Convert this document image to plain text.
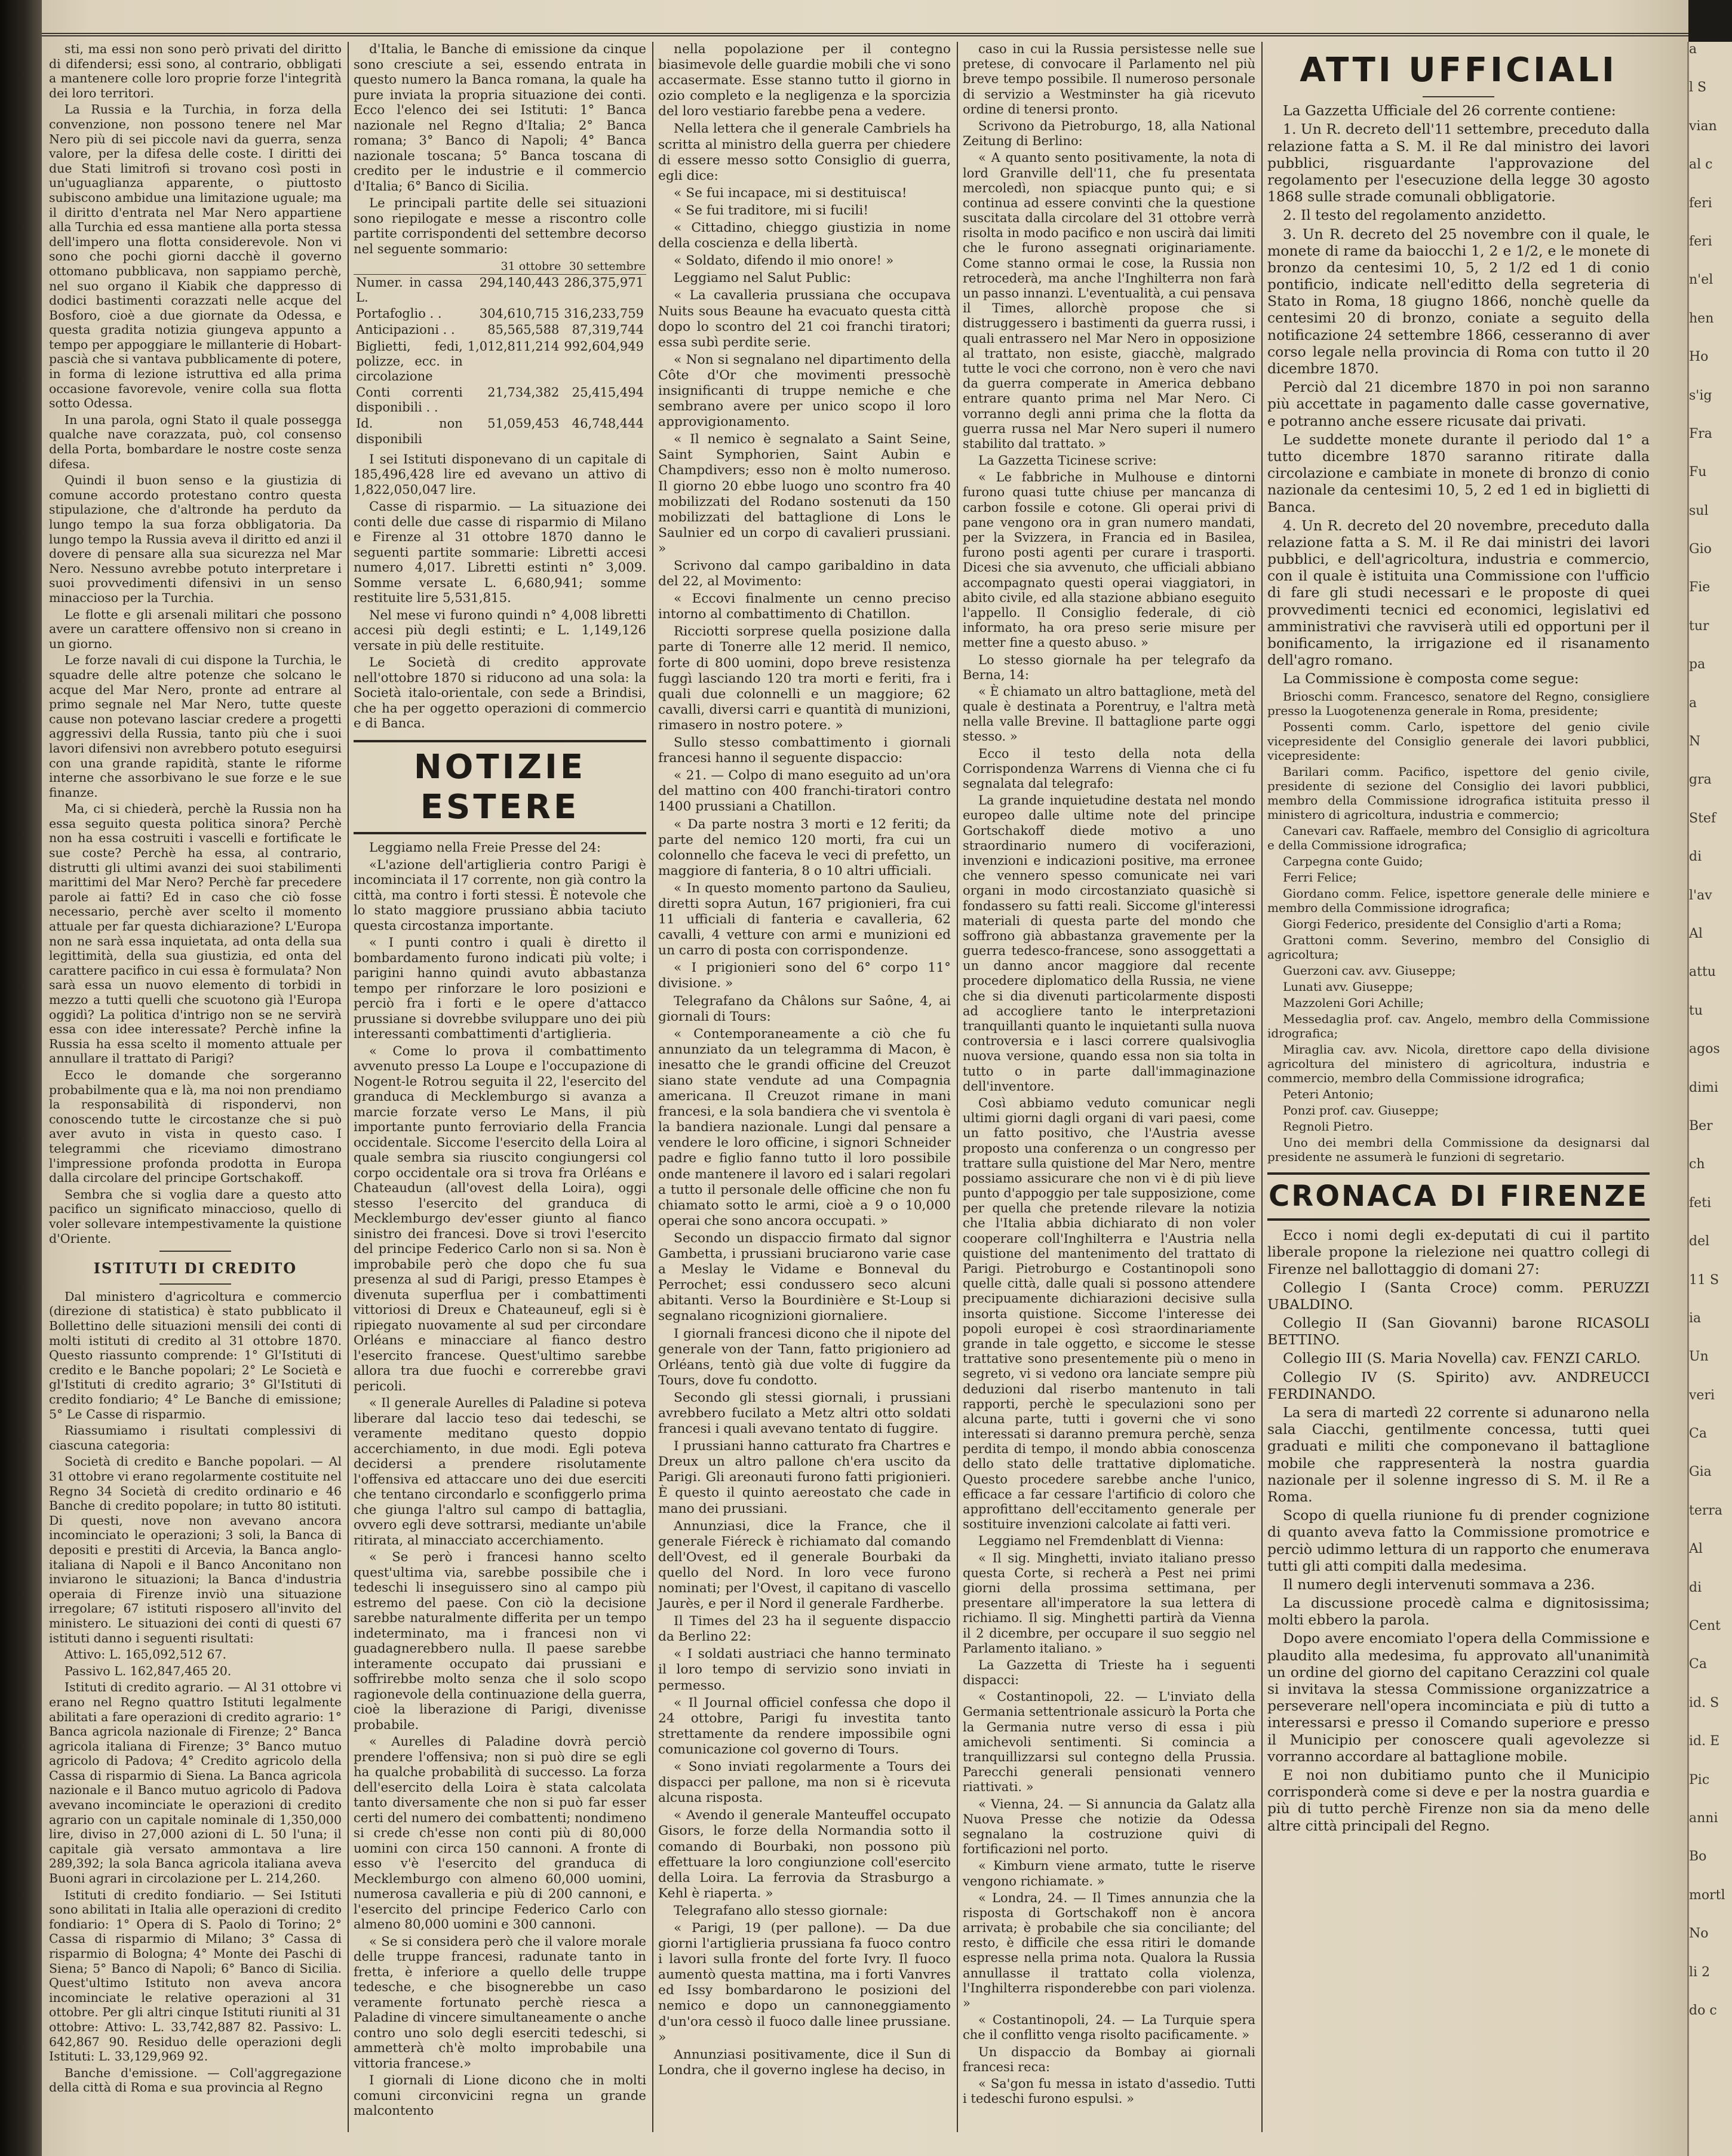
sti, ma essi non sono però privati del diritto di difendersi; essi sono, al contrario, obbligati a mantenere colle loro proprie forze l'integrità dei loro territori.

La Russia e la Turchia, in forza della convenzione, non possono tenere nel Mar Nero più di sei piccole navi da guerra, senza valore, per la difesa delle coste. I diritti dei due Stati limitrofi si trovano così posti in un'uguaglianza apparente, o piuttosto subiscono ambidue una limitazione uguale; ma il diritto d'entrata nel Mar Nero appartiene alla Turchia ed essa mantiene alla porta stessa dell'impero una flotta considerevole. Non vi sono che pochi giorni dacchè il governo ottomano pubblicava, non sappiamo perchè, nel suo organo il Kiabik che dappresso di dodici bastimenti corazzati nelle acque del Bosforo, cioè a due giornate da Odessa, e questa gradita notizia giungeva appunto a tempo per appoggiare le millanterie di Hobart-pascià che si vantava pubblicamente di potere, in forma di lezione istruttiva ed alla prima occasione favorevole, venire colla sua flotta sotto Odessa.

In una parola, ogni Stato il quale possegga qualche nave corazzata, può, col consenso della Porta, bombardare le nostre coste senza difesa.

Quindi il buon senso e la giustizia di comune accordo protestano contro questa stipulazione, che d'altronde ha perduto da lungo tempo la sua forza obbligatoria. Da lungo tempo la Russia aveva il diritto ed anzi il dovere di pensare alla sua sicurezza nel Mar Nero. Nessuno avrebbe potuto interpretare i suoi provvedimenti difensivi in un senso minaccioso per la Turchia.

Le flotte e gli arsenali militari che possono avere un carattere offensivo non si creano in un giorno.

Le forze navali di cui dispone la Turchia, le squadre delle altre potenze che solcano le acque del Mar Nero, pronte ad entrare al primo segnale nel Mar Nero, tutte queste cause non potevano lasciar credere a progetti aggressivi della Russia, tanto più che i suoi lavori difensivi non avrebbero potuto eseguirsi con una grande rapidità, stante le riforme interne che assorbivano le sue forze e le sue finanze.

Ma, ci si chiederà, perchè la Russia non ha essa seguito questa politica sinora? Perchè non ha essa costruiti i vascelli e fortificate le sue coste? Perchè ha essa, al contrario, distrutti gli ultimi avanzi dei suoi stabilimenti marittimi del Mar Nero? Perchè far precedere parole ai fatti? Ed in caso che ciò fosse necessario, perchè aver scelto il momento attuale per far questa dichiarazione? L'Europa non ne sarà essa inquietata, ad onta della sua legittimità, della sua giustizia, ed onta del carattere pacifico in cui essa è formulata? Non sarà essa un nuovo elemento di torbidi in mezzo a tutti quelli che scuotono già l'Europa oggidì? La politica d'intrigo non se ne servirà essa con idee interessate? Perchè infine la Russia ha essa scelto il momento attuale per annullare il trattato di Parigi?

Ecco le domande che sorgeranno probabilmente qua e là, ma noi non prendiamo la responsabilità di rispondervi, non conoscendo tutte le circostanze che si può aver avuto in vista in questo caso. I telegrammi che riceviamo dimostrano l'impressione profonda prodotta in Europa dalla circolare del principe Gortschakoff.

Sembra che si voglia dare a questo atto pacifico un significato minaccioso, quello di voler sollevare intempestivamente la quistione d'Oriente.

ISTITUTI DI CREDITO

Dal ministero d'agricoltura e commercio (direzione di statistica) è stato pubblicato il Bollettino delle situazioni mensili dei conti di molti istituti di credito al 31 ottobre 1870. Questo riassunto comprende: 1° Gl'Istituti di credito e le Banche popolari; 2° Le Società e gl'Istituti di credito agrario; 3° Gl'Istituti di credito fondiario; 4° Le Banche di emissione; 5° Le Casse di risparmio.

Riassumiamo i risultati complessivi di ciascuna categoria:

Società di credito e Banche popolari. — Al 31 ottobre vi erano regolarmente costituite nel Regno 34 Società di credito ordinario e 46 Banche di credito popolare; in tutto 80 istituti. Di questi, nove non avevano ancora incominciato le operazioni; 3 soli, la Banca di depositi e prestiti di Arcevia, la Banca anglo-italiana di Napoli e il Banco Anconitano non inviarono le situazioni; la Banca d'industria operaia di Firenze inviò una situazione irregolare; 67 istituti risposero all'invito del ministero. Le situazioni dei conti di questi 67 istituti danno i seguenti risultati:

Attivo: L. 165,092,512 67.

Passivo L. 162,847,465 20.

Istituti di credito agrario. — Al 31 ottobre vi erano nel Regno quattro Istituti legalmente abilitati a fare operazioni di credito agrario: 1° Banca agricola nazionale di Firenze; 2° Banca agricola italiana di Firenze; 3° Banco mutuo agricolo di Padova; 4° Credito agricolo della Cassa di risparmio di Siena. La Banca agricola nazionale e il Banco mutuo agricolo di Padova avevano incominciate le operazioni di credito agrario con un capitale nominale di 1,350,000 lire, diviso in 27,000 azioni di L. 50 l'una; il capitale già versato ammontava a lire 289,392; la sola Banca agricola italiana aveva Buoni agrari in circolazione per L. 214,260.

Istituti di credito fondiario. — Sei Istituti sono abilitati in Italia alle operazioni di credito fondiario: 1° Opera di S. Paolo di Torino; 2° Cassa di risparmio di Milano; 3° Cassa di risparmio di Bologna; 4° Monte dei Paschi di Siena; 5° Banco di Napoli; 6° Banco di Sicilia. Quest'ultimo Istituto non aveva ancora incominciate le relative operazioni al 31 ottobre. Per gli altri cinque Istituti riuniti al 31 ottobre: Attivo: L. 33,742,887 82. Passivo: L. 642,867 90. Residuo delle operazioni degli Istituti: L. 33,129,969 92.

Banche d'emissione. — Coll'aggregazione della città di Roma e sua provincia al Regno

d'Italia, le Banche di emissione da cinque sono cresciute a sei, essendo entrata in questo numero la Banca romana, la quale ha pure inviata la propria situazione dei conti. Ecco l'elenco dei sei Istituti: 1° Banca nazionale nel Regno d'Italia; 2° Banca romana; 3° Banco di Napoli; 4° Banca nazionale toscana; 5° Banca toscana di credito per le industrie e il commercio d'Italia; 6° Banco di Sicilia.

Le principali partite delle sei situazioni sono riepilogate e messe a riscontro colle partite corrispondenti del settembre decorso nel seguente sommario:

	31 ottobre	30 settembre
Numer. in cassa L.	294,140,443	286,375,971
Portafoglio . .	304,610,715	316,233,759
Anticipazioni . .	85,565,588	87,319,744
Biglietti, fedi, polizze, ecc. in circolazione	1,012,811,214	992,604,949
Conti correnti disponibili . .	21,734,382	25,415,494
Id. non disponibili	51,059,453	46,748,444

I sei Istituti disponevano di un capitale di 185,496,428 lire ed avevano un attivo di 1,822,050,047 lire.

Casse di risparmio. — La situazione dei conti delle due casse di risparmio di Milano e Firenze al 31 ottobre 1870 danno le seguenti partite sommarie: Libretti accesi numero 4,017. Libretti estinti n° 3,009. Somme versate L. 6,680,941; somme restituite lire 5,531,815.

Nel mese vi furono quindi n° 4,008 libretti accesi più degli estinti; e L. 1,149,126 versate in più delle restituite.

Le Società di credito approvate nell'ottobre 1870 si riducono ad una sola: la Società italo-orientale, con sede a Brindisi, che ha per oggetto operazioni di commercio e di Banca.

NOTIZIE ESTERE

Leggiamo nella Freie Presse del 24:

«L'azione dell'artiglieria contro Parigi è incominciata il 17 corrente, non già contro la città, ma contro i forti stessi. È notevole che lo stato maggiore prussiano abbia taciuto questa circostanza importante.

« I punti contro i quali è diretto il bombardamento furono indicati più volte; i parigini hanno quindi avuto abbastanza tempo per rinforzare le loro posizioni e perciò fra i forti e le opere d'attacco prussiane si dovrebbe sviluppare uno dei più interessanti combattimenti d'artiglieria.

« Come lo prova il combattimento avvenuto presso La Loupe e l'occupazione di Nogent-le Rotrou seguita il 22, l'esercito del granduca di Mecklemburgo si avanza a marcie forzate verso Le Mans, il più importante punto ferroviario della Francia occidentale. Siccome l'esercito della Loira al quale sembra sia riuscito congiungersi col corpo occidentale ora si trova fra Orléans e Chateaudun (all'ovest della Loira), oggi stesso l'esercito del granduca di Mecklemburgo dev'esser giunto al fianco sinistro dei francesi. Dove si trovi l'esercito del principe Federico Carlo non si sa. Non è improbabile però che dopo che fu sua presenza al sud di Parigi, presso Etampes è divenuta superflua per i combattimenti vittoriosi di Dreux e Chateauneuf, egli si è ripiegato nuovamente al sud per circondare Orléans e minacciare al fianco destro l'esercito francese. Quest'ultimo sarebbe allora tra due fuochi e correrebbe gravi pericoli.

« Il generale Aurelles di Paladine si poteva liberare dal laccio teso dai tedeschi, se veramente meditano questo doppio accerchiamento, in due modi. Egli poteva decidersi a prendere risolutamente l'offensiva ed attaccare uno dei due eserciti che tentano circondarlo e sconfiggerlo prima che giunga l'altro sul campo di battaglia, ovvero egli deve sottrarsi, mediante un'abile ritirata, al minacciato accerchiamento.

« Se però i francesi hanno scelto quest'ultima via, sarebbe possibile che i tedeschi li inseguissero sino al campo più estremo del paese. Con ciò la decisione sarebbe naturalmente differita per un tempo indeterminato, ma i francesi non vi guadagnerebbero nulla. Il paese sarebbe interamente occupato dai prussiani e soffrirebbe molto senza che il solo scopo ragionevole della continuazione della guerra, cioè la liberazione di Parigi, divenisse probabile.

« Aurelles di Paladine dovrà perciò prendere l'offensiva; non si può dire se egli ha qualche probabilità di successo. La forza dell'esercito della Loira è stata calcolata tanto diversamente che non si può far esser certi del numero dei combattenti; nondimeno si crede ch'esse non conti più di 80,000 uomini con circa 150 cannoni. A fronte di esso v'è l'esercito del granduca di Mecklemburgo con almeno 60,000 uomini, numerosa cavalleria e più di 200 cannoni, e l'esercito del principe Federico Carlo con almeno 80,000 uomini e 300 cannoni.

« Se si considera però che il valore morale delle truppe francesi, radunate tanto in fretta, è inferiore a quello delle truppe tedesche, e che bisognerebbe un caso veramente fortunato perchè riesca a Paladine di vincere simultaneamente o anche contro uno solo degli eserciti tedeschi, si ammetterà ch'è molto improbabile una vittoria francese.»

I giornali di Lione dicono che in molti comuni circonvicini regna un grande malcontento

nella popolazione per il contegno biasimevole delle guardie mobili che vi sono accasermate. Esse stanno tutto il giorno in ozio completo e la negligenza e la sporcizia del loro vestiario farebbe pena a vedere.

Nella lettera che il generale Cambriels ha scritta al ministro della guerra per chiedere di essere messo sotto Consiglio di guerra, egli dice:

« Se fui incapace, mi si destituisca!

« Se fui traditore, mi si fucili!

« Cittadino, chieggo giustizia in nome della coscienza e della libertà.

« Soldato, difendo il mio onore! »

Leggiamo nel Salut Public:

« La cavalleria prussiana che occupava Nuits sous Beaune ha evacuato questa città dopo lo scontro del 21 coi franchi tiratori; essa subì perdite serie.

« Non si segnalano nel dipartimento della Côte d'Or che movimenti pressochè insignificanti di truppe nemiche e che sembrano avere per unico scopo il loro approvigionamento.

« Il nemico è segnalato a Saint Seine, Saint Symphorien, Saint Aubin e Champdivers; esso non è molto numeroso. Il giorno 20 ebbe luogo uno scontro fra 40 mobilizzati del Rodano sostenuti da 150 mobilizzati del battaglione di Lons le Saulnier ed un corpo di cavalieri prussiani. »

Scrivono dal campo garibaldino in data del 22, al Movimento:

« Eccovi finalmente un cenno preciso intorno al combattimento di Chatillon.

Ricciotti sorprese quella posizione dalla parte di Tonerre alle 12 merid. Il nemico, forte di 800 uomini, dopo breve resistenza fuggì lasciando 120 tra morti e feriti, fra i quali due colonnelli e un maggiore; 62 cavalli, diversi carri e quantità di munizioni, rimasero in nostro potere. »

Sullo stesso combattimento i giornali francesi hanno il seguente dispaccio:

« 21. — Colpo di mano eseguito ad un'ora del mattino con 400 franchi-tiratori contro 1400 prussiani a Chatillon.

« Da parte nostra 3 morti e 12 feriti; da parte del nemico 120 morti, fra cui un colonnello che faceva le veci di prefetto, un maggiore di fanteria, 8 o 10 altri ufficiali.

« In questo momento partono da Saulieu, diretti sopra Autun, 167 prigionieri, fra cui 11 ufficiali di fanteria e cavalleria, 62 cavalli, 4 vetture con armi e munizioni ed un carro di posta con corrispondenze.

« I prigionieri sono del 6° corpo 11° divisione. »

Telegrafano da Châlons sur Saône, 4, ai giornali di Tours:

« Contemporaneamente a ciò che fu annunziato da un telegramma di Macon, è inesatto che le grandi officine del Creuzot siano state vendute ad una Compagnia americana. Il Creuzot rimane in mani francesi, e la sola bandiera che vi sventola è la bandiera nazionale. Lungi dal pensare a vendere le loro officine, i signori Schneider padre e figlio fanno tutto il loro possibile onde mantenere il lavoro ed i salari regolari a tutto il personale delle officine che non fu chiamato sotto le armi, cioè a 9 o 10,000 operai che sono ancora occupati. »

Secondo un dispaccio firmato dal signor Gambetta, i prussiani bruciarono varie case a Meslay le Vidame e Bonneval du Perrochet; essi condussero seco alcuni abitanti. Verso la Bourdinière e St-Loup si segnalano ricognizioni giornaliere.

I giornali francesi dicono che il nipote del generale von der Tann, fatto prigioniero ad Orléans, tentò già due volte di fuggire da Tours, dove fu condotto.

Secondo gli stessi giornali, i prussiani avrebbero fucilato a Metz altri otto soldati francesi i quali avevano tentato di fuggire.

I prussiani hanno catturato fra Chartres e Dreux un altro pallone ch'era uscito da Parigi. Gli areonauti furono fatti prigionieri. È questo il quinto aereostato che cade in mano dei prussiani.

Annunziasi, dice la France, che il generale Fiéreck è richiamato dal comando dell'Ovest, ed il generale Bourbaki da quello del Nord. In loro vece furono nominati; per l'Ovest, il capitano di vascello Jaurès, e per il Nord il generale Fardherbe.

Il Times del 23 ha il seguente dispaccio da Berlino 22:

« I soldati austriaci che hanno terminato il loro tempo di servizio sono inviati in permesso.

« Il Journal officiel confessa che dopo il 24 ottobre, Parigi fu investita tanto strettamente da rendere impossibile ogni comunicazione col governo di Tours.

« Sono inviati regolarmente a Tours dei dispacci per pallone, ma non si è ricevuta alcuna risposta.

« Avendo il generale Manteuffel occupato Gisors, le forze della Normandia sotto il comando di Bourbaki, non possono più effettuare la loro congiunzione coll'esercito della Loira. La ferrovia da Strasburgo a Kehl è riaperta. »

Telegrafano allo stesso giornale:

« Parigi, 19 (per pallone). — Da due giorni l'artiglieria prussiana fa fuoco contro i lavori sulla fronte del forte Ivry. Il fuoco aumentò questa mattina, ma i forti Vanvres ed Issy bombardarono le posizioni del nemico e dopo un cannoneggiamento d'un'ora cessò il fuoco dalle linee prussiane. »

Annunziasi positivamente, dice il Sun di Londra, che il governo inglese ha deciso, in

caso in cui la Russia persistesse nelle sue pretese, di convocare il Parlamento nel più breve tempo possibile. Il numeroso personale di servizio a Westminster ha già ricevuto ordine di tenersi pronto.

Scrivono da Pietroburgo, 18, alla National Zeitung di Berlino:

« A quanto sento positivamente, la nota di lord Granville dell'11, che fu presentata mercoledì, non spiacque punto qui; e si continua ad essere convinti che la questione suscitata dalla circolare del 31 ottobre verrà risolta in modo pacifico e non uscirà dai limiti che le furono assegnati originariamente. Come stanno ormai le cose, la Russia non retrocederà, ma anche l'Inghilterra non farà un passo innanzi. L'eventualità, a cui pensava il Times, allorchè propose che si distruggessero i bastimenti da guerra russi, i quali entrassero nel Mar Nero in opposizione al trattato, non esiste, giacchè, malgrado tutte le voci che corrono, non è vero che navi da guerra comperate in America debbano entrare quanto prima nel Mar Nero. Ci vorranno degli anni prima che la flotta da guerra russa nel Mar Nero superi il numero stabilito dal trattato. »

La Gazzetta Ticinese scrive:

« Le fabbriche in Mulhouse e dintorni furono quasi tutte chiuse per mancanza di carbon fossile e cotone. Gli operai privi di pane vengono ora in gran numero mandati, per la Svizzera, in Francia ed in Basilea, furono posti agenti per curare i trasporti. Dicesi che sia avvenuto, che ufficiali abbiano accompagnato questi operai viaggiatori, in abito civile, ed alla stazione abbiano eseguito l'appello. Il Consiglio federale, di ciò informato, ha ora preso serie misure per metter fine a questo abuso. »

Lo stesso giornale ha per telegrafo da Berna, 14:

« È chiamato un altro battaglione, metà del quale è destinata a Porentruy, e l'altra metà nella valle Brevine. Il battaglione parte oggi stesso. »

Ecco il testo della nota della Corrispondenza Warrens di Vienna che ci fu segnalata dal telegrafo:

La grande inquietudine destata nel mondo europeo dalle ultime note del principe Gortschakoff diede motivo a uno straordinario numero di vociferazioni, invenzioni e indicazioni positive, ma erronee che vennero spesso comunicate nei vari organi in modo circostanziato quasichè si fondassero su fatti reali. Siccome gl'interessi materiali di questa parte del mondo che soffrono già abbastanza gravemente per la guerra tedesco-francese, sono assoggettati a un danno ancor maggiore dal recente procedere diplomatico della Russia, ne viene che si dia divenuti particolarmente disposti ad accogliere tanto le interpretazioni tranquillanti quanto le inquietanti sulla nuova controversia e i lasci correre qualsivoglia nuova versione, quando essa non sia tolta in tutto o in parte dall'immaginazione dell'inventore.

Così abbiamo veduto comunicar negli ultimi giorni dagli organi di vari paesi, come un fatto positivo, che l'Austria avesse proposto una conferenza o un congresso per trattare sulla quistione del Mar Nero, mentre possiamo assicurare che non vi è di più lieve punto d'appoggio per tale supposizione, come per quella che pretende rilevare la notizia che l'Italia abbia dichiarato di non voler cooperare coll'Inghilterra e l'Austria nella quistione del mantenimento del trattato di Parigi. Pietroburgo e Costantinopoli sono quelle città, dalle quali si possono attendere precipuamente dichiarazioni decisive sulla insorta quistione. Siccome l'interesse dei popoli europei è così straordinariamente grande in tale oggetto, e siccome le stesse trattative sono presentemente più o meno in segreto, vi si vedono ora lanciate sempre più deduzioni dal riserbo mantenuto in tali rapporti, perchè le speculazioni sono per alcuna parte, tutti i governi che vi sono interessati si daranno premura perchè, senza perdita di tempo, il mondo abbia conoscenza dello stato delle trattative diplomatiche. Questo procedere sarebbe anche l'unico, efficace a far cessare l'artificio di coloro che approfittano dell'eccitamento generale per sostituire invenzioni calcolate ai fatti veri.

Leggiamo nel Fremdenblatt di Vienna:

« Il sig. Minghetti, inviato italiano presso questa Corte, si recherà a Pest nei primi giorni della prossima settimana, per presentare all'imperatore la sua lettera di richiamo. Il sig. Minghetti partirà da Vienna il 2 dicembre, per occupare il suo seggio nel Parlamento italiano. »

La Gazzetta di Trieste ha i seguenti dispacci:

« Costantinopoli, 22. — L'inviato della Germania settentrionale assicurò la Porta che la Germania nutre verso di essa i più amichevoli sentimenti. Si comincia a tranquillizzarsi sul contegno della Prussia. Parecchi generali pensionati vennero riattivati. »

« Vienna, 24. — Si annuncia da Galatz alla Nuova Presse che notizie da Odessa segnalano la costruzione quivi di fortificazioni nel porto.

« Kimburn viene armato, tutte le riserve vengono richiamate. »

« Londra, 24. — Il Times annunzia che la risposta di Gortschakoff non è ancora arrivata; è probabile che sia conciliante; del resto, è difficile che essa ritiri le domande espresse nella prima nota. Qualora la Russia annullasse il trattato colla violenza, l'Inghilterra risponderebbe con pari violenza. »

« Costantinopoli, 24. — La Turquie spera che il conflitto venga risolto pacificamente. »

Un dispaccio da Bombay ai giornali francesi reca:

« Sa'gon fu messa in istato d'assedio. Tutti i tedeschi furono espulsi. »

ATTI UFFICIALI

La Gazzetta Ufficiale del 26 corrente contiene:

1. Un R. decreto dell'11 settembre, preceduto dalla relazione fatta a S. M. il Re dal ministro dei lavori pubblici, risguardante l'approvazione del regolamento per l'esecuzione della legge 30 agosto 1868 sulle strade comunali obbligatorie.

2. Il testo del regolamento anzidetto.

3. Un R. decreto del 25 novembre con il quale, le monete di rame da baiocchi 1, 2 e 1/2, e le monete di bronzo da centesimi 10, 5, 2 1/2 ed 1 di conio pontificio, indicate nell'editto della segreteria di Stato in Roma, 18 giugno 1866, nonchè quelle da centesimi 20 di bronzo, coniate a seguito della notificazione 24 settembre 1866, cesseranno di aver corso legale nella provincia di Roma con tutto il 20 dicembre 1870.

Perciò dal 21 dicembre 1870 in poi non saranno più accettate in pagamento dalle casse governative, e potranno anche essere ricusate dai privati.

Le suddette monete durante il periodo dal 1° a tutto dicembre 1870 saranno ritirate dalla circolazione e cambiate in monete di bronzo di conio nazionale da centesimi 10, 5, 2 ed 1 ed in biglietti di Banca.

4. Un R. decreto del 20 novembre, preceduto dalla relazione fatta a S. M. il Re dai ministri dei lavori pubblici, e dell'agricoltura, industria e commercio, con il quale è istituita una Commissione con l'ufficio di fare gli studi necessari e le proposte di quei provvedimenti tecnici ed economici, legislativi ed amministrativi che ravviserà utili ed opportuni per il bonificamento, la irrigazione ed il risanamento dell'agro romano.

La Commissione è composta come segue:

Brioschi comm. Francesco, senatore del Regno, consigliere presso la Luogotenenza generale in Roma, presidente;

Possenti comm. Carlo, ispettore del genio civile vicepresidente del Consiglio generale dei lavori pubblici, vicepresidente:

Barilari comm. Pacifico, ispettore del genio civile, presidente di sezione del Consiglio dei lavori pubblici, membro della Commissione idrografica istituita presso il ministero di agricoltura, industria e commercio;

Canevari cav. Raffaele, membro del Consiglio di agricoltura e della Commissione idrografica;

Carpegna conte Guido;

Ferri Felice;

Giordano comm. Felice, ispettore generale delle miniere e membro della Commissione idrografica;

Giorgi Federico, presidente del Consiglio d'arti a Roma;

Grattoni comm. Severino, membro del Consiglio di agricoltura;

Guerzoni cav. avv. Giuseppe;

Lunati avv. Giuseppe;

Mazzoleni Gori Achille;

Messedaglia prof. cav. Angelo, membro della Commissione idrografica;

Miraglia cav. avv. Nicola, direttore capo della divisione agricoltura del ministero di agricoltura, industria e commercio, membro della Commissione idrografica;

Peteri Antonio;

Ponzi prof. cav. Giuseppe;

Regnoli Pietro.

Uno dei membri della Commissione da designarsi dal presidente ne assumerà le funzioni di segretario.

CRONACA DI FIRENZE

Ecco i nomi degli ex-deputati di cui il partito liberale propone la rielezione nei quattro collegi di Firenze nel ballottaggio di domani 27:

Collegio I (Santa Croce) comm. PERUZZI UBALDINO.

Collegio II (San Giovanni) barone RICASOLI BETTINO.

Collegio III (S. Maria Novella) cav. FENZI CARLO.

Collegio IV (S. Spirito) avv. ANDREUCCI FERDINANDO.

La sera di martedì 22 corrente si adunarono nella sala Ciacchi, gentilmente concessa, tutti quei graduati e militi che componevano il battaglione mobile che rappresenterà la nostra guardia nazionale per il solenne ingresso di S. M. il Re a Roma.

Scopo di quella riunione fu di prender cognizione di quanto aveva fatto la Commissione promotrice e perciò udimmo lettura di un rapporto che enumerava tutti gli atti compiti dalla medesima.

Il numero degli intervenuti sommava a 236.

La discussione procedè calma e dignitosissima; molti ebbero la parola.

Dopo avere encomiato l'opera della Commissione e plaudito alla medesima, fu approvato all'unanimità un ordine del giorno del capitano Cerazzini col quale si invitava la stessa Commissione organizzatrice a perseverare nell'opera incominciata e più di tutto a interessarsi e presso il Comando superiore e presso il Municipio per conoscere quali agevolezze si vorranno accordare al battaglione mobile.

E noi non dubitiamo punto che il Municipio corrisponderà come si deve e per la nostra guardia e più di tutto perchè Firenze non sia da meno delle altre città principali del Regno.

a
l S
vian
al c
feri
feri
n'el
hen
Ho
s'ig
Fra
Fu
sul
Gio
Fie
tur
pa
a
N
gra
Stef
di
l'av
Al
attu
tu
agos
dimi
Ber
ch
feti
del
11 S
ia
Un
veri
Ca
Gia
terra
Al
di
Cent
Ca
id. S
id. E
Pic
anni
Bo
mortl
No
li 2
do c
